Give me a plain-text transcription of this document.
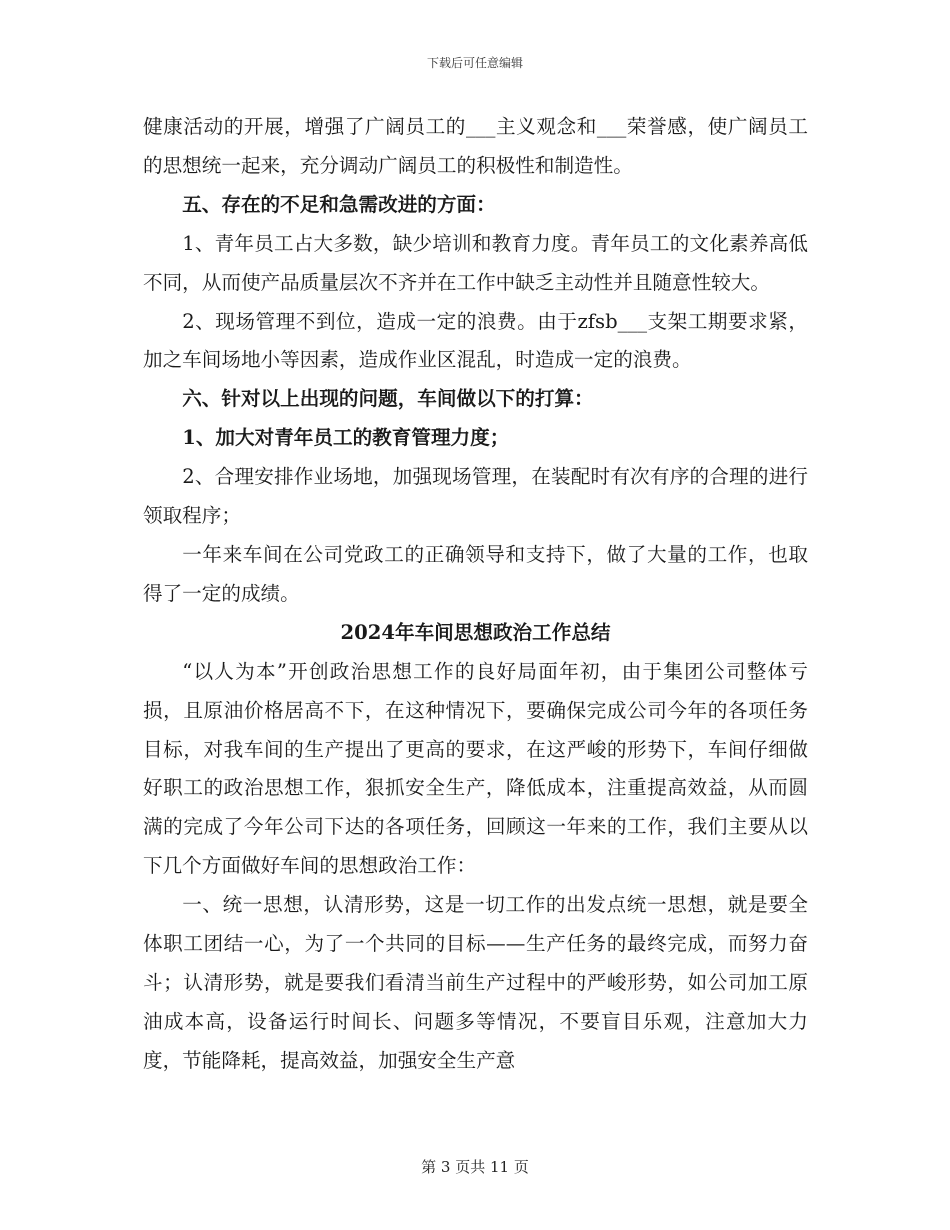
下载后可任意编辑

健康活动的开展，增强了广阔员工的___主义观念和___荣誉感，使广阔员工的思想统一起来，充分调动广阔员工的积极性和制造性。

五、存在的不足和急需改进的方面：

1、青年员工占大多数，缺少培训和教育力度。青年员工的文化素养高低不同，从而使产品质量层次不齐并在工作中缺乏主动性并且随意性较大。

2、现场管理不到位，造成一定的浪费。由于zfsb___支架工期要求紧，加之车间场地小等因素，造成作业区混乱，时造成一定的浪费。

六、针对以上出现的问题，车间做以下的打算：

1、加大对青年员工的教育管理力度；

2、合理安排作业场地，加强现场管理，在装配时有次有序的合理的进行领取程序；

一年来车间在公司党政工的正确领导和支持下，做了大量的工作，也取得了一定的成绩。

2024年车间思想政治工作总结

“以人为本”开创政治思想工作的良好局面年初，由于集团公司整体亏损，且原油价格居高不下，在这种情况下，要确保完成公司今年的各项任务目标，对我车间的生产提出了更高的要求，在这严峻的形势下，车间仔细做好职工的政治思想工作，狠抓安全生产，降低成本，注重提高效益，从而圆满的完成了今年公司下达的各项任务，回顾这一年来的工作，我们主要从以下几个方面做好车间的思想政治工作：

一、统一思想，认清形势，这是一切工作的出发点统一思想，就是要全体职工团结一心，为了一个共同的目标——生产任务的最终完成，而努力奋斗；认清形势，就是要我们看清当前生产过程中的严峻形势，如公司加工原油成本高，设备运行时间长、问题多等情况，不要盲目乐观，注意加大力度，节能降耗，提高效益，加强安全生产意

第 3 页共 11 页
